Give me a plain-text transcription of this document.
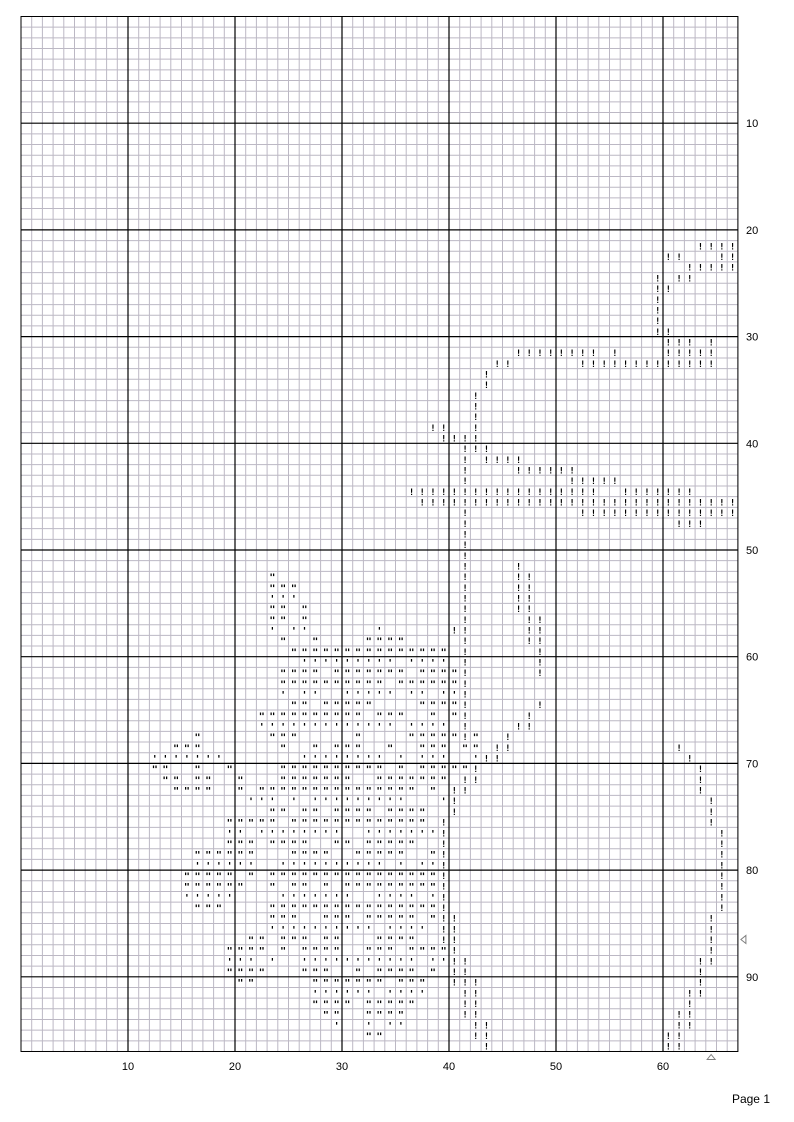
! ! ! !
! !	! !
! ! ! ! !
! ! !
! !
!
!
!
! !
! ! ! !
! ! ! ! ! ! ! ! !	! ! ! ! !
! !	! ! ! ! ! ! ! ! ! ! ! ! !
!
!
!
!
!
! !	!
! ! ! !
! ! !
! ! ! ! !
!	! ! ! ! ! !
!	! ! ! ! !
! ! ! ! ! ! ! ! ! ! ! ! ! ! ! ! ! !	! ! ! ! ! ! !
! ! ! ! ! ! ! ! ! ! ! ! ! ! ! ! ! ! ! ! ! ! ! ! ! ! ! ! ! !
!	! ! ! ! ! ! ! ! ! ! ! ! ! ! !
!	! ! !
!
!
!
!	!
!	! !
!	! !
!	! !
!	! !
!	! !
! !	! !
!	! !
!	!
!	!
!	!
!
!
!	!
!	!
!	! !
!	!
! !	!
! !	!
!	!
! !	!
! !	!
!	!
!	!
!	!
!	!
!	!
!	!
!	!
!	!
!	!
!	!
!	!
! !	!
! !	!
! !	!
!	!
! !	! !
! !	!
! ! !	!
! !	! !
! !	!
! !	! !
! !	! !
! !	! !
!	! !
"
" " "
" " "
" " "
"	"	" " " "
" " " " " " " " " " " " " " "
" " " " " " " " " " " " " " "
" " " " " " " " " " " " " " " "
" " " " " " "	" " " "
" " " " " " " " " " " " "	" "
"	" " "	"	" " " " " "
" " "	"	" " " "	"	" " " " "
" "	"	"	" " " " " " " " " " " " " " " "
" " " "	"	" " " " " " "	" " " " " " "
" " " "	" " " " " " " " " " " " " " " " "
" " " " " " " " " " " "
" " " " " " " " " " " " " " " " " "
" " " " " " "	" " " " " " "
" " " " " "	" " " "	" " " " "	"
" " " " " " " " " " " " " " " " " " " " " "
" " " " " "	" " " " " " " " " " " " "
" " "	" " " " " " " " " " " " " " " "
" " "	" " " " " " " " "
" " " " " " "	" " " "
" " " " " " " " "	" " " " " " "
" " " "	" " "	" " " " " "
" "	" " " " " " " " " "
" " " " " " " " "
" "	" " " "
" "
' ' '
' ' '	'
' ' ' ' ' ' ' ' ' ' ' ' '
' ' '	' ' ' ' ' ' ' ' '
' ' ' ' ' ' ' ' ' ' ' ' ' ' ' ' '
' ' ' ' ' ' '	' ' ' ' ' ' ' ' ' ' ' '	'
' ' ' ' ' ' ' ' ' ' ' ' '	'
' ' ' ' ' ' ' ' ' '	' ' ' ' ' ' '
' ' ' ' ' '	' ' ' ' ' ' ' ' ' ' ' ' '
' ' ' ' '	' ' ' ' ' ' '	' ' ' ' '
' ' ' ' ' ' ' ' ' ' ' ' ' '
' ' ' '	' ' ' ' ' ' ' ' ' ' ' ' '
' ' ' ' ' ' ' ' ' '
'	' ' '
10
20
30
40
50
60
70
80
90
10	20	30	40	50	60
Page 1
